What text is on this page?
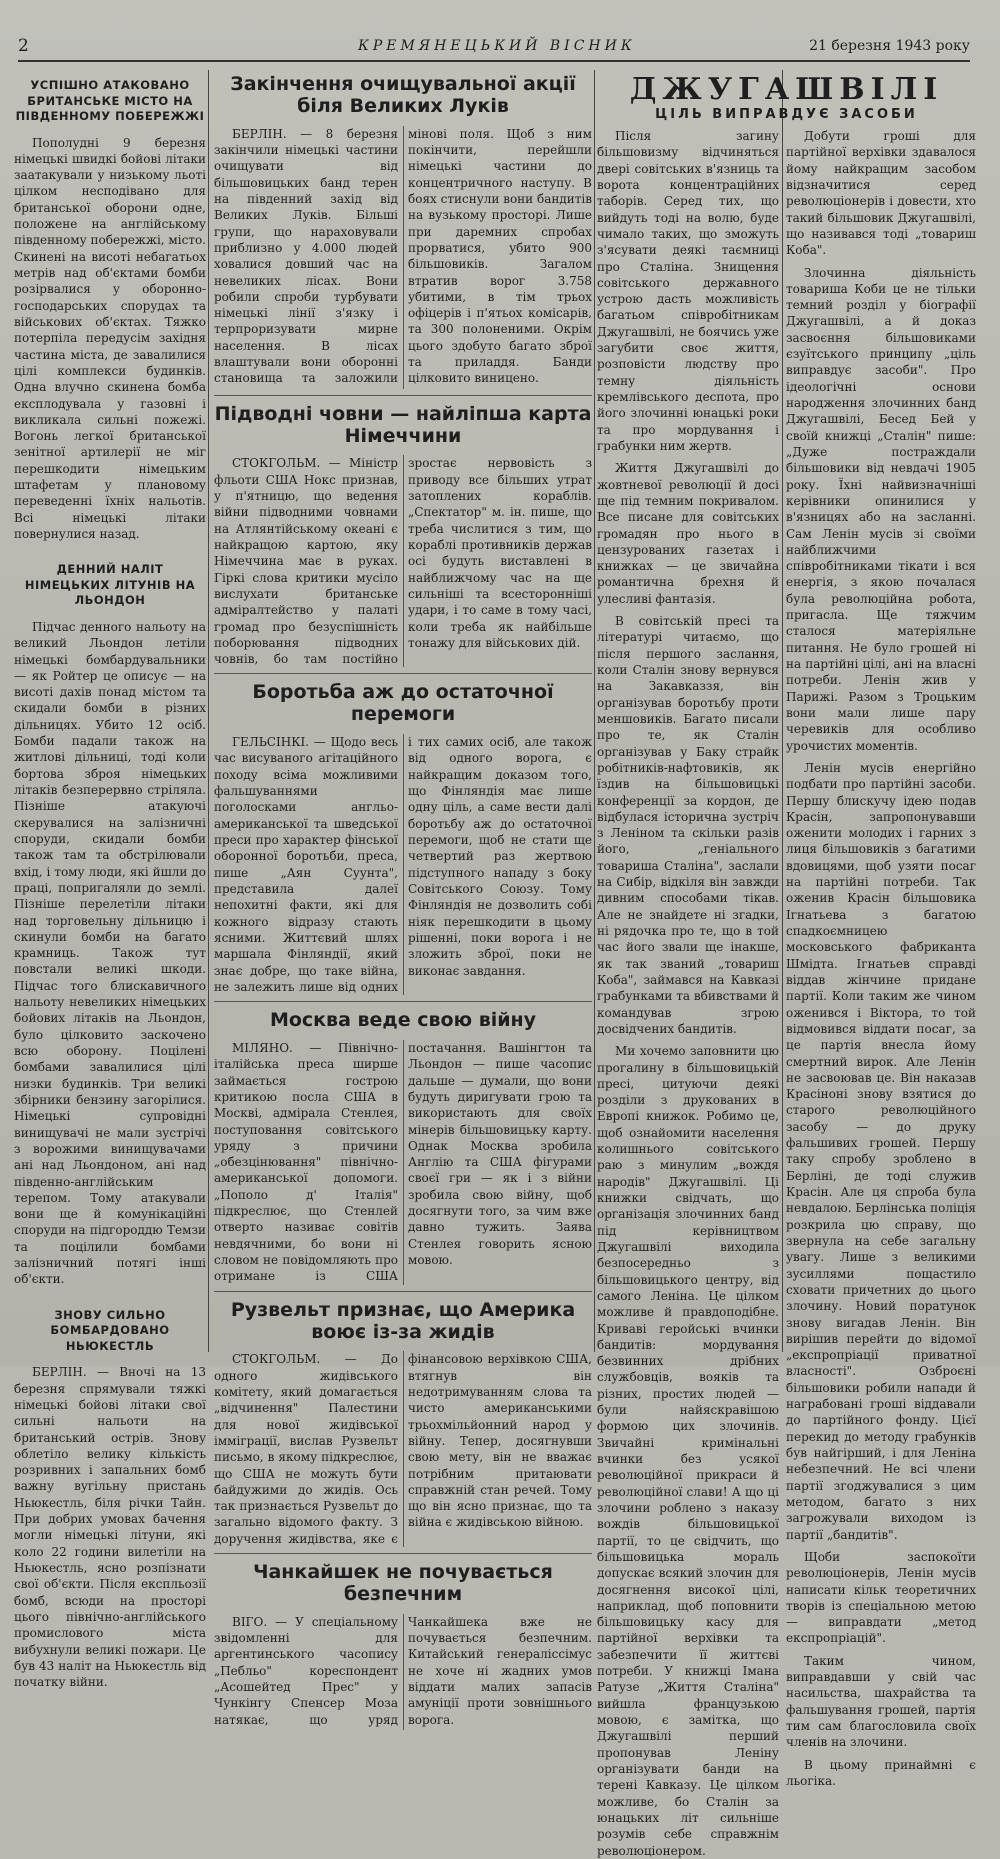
2	КРЕМЯНЕЦЬКИЙ ВІСНИК	21 березня 1943 року
УСПІШНО АТАКОВАНО БРИТАНСЬКЕ МІСТО НА ПІВДЕННОМУ ПОБЕРЕЖЖІ

Пополудні 9 березня німецькі швидкі бойові літаки заатакували у низькому льоті цілком несподівано для британської оборони одне, положене на англійському південному побережжі, місто. Скинені на висоті небагатьох метрів над об'єктами бомби розірвалися у оборонно-господарських спорудах та військових об'єктах. Тяжко потерпіла передусім західня частина міста, де завалилися цілі комплекси будинків. Одна влучно скинена бомба експлодувала у газовні і викликала сильні пожежі. Вогонь легкої британської зенітної артилерії не міг перешкодити німецьким штафетам у плановому переведенні їхніх нальотів. Всі німецькі літаки повернулися назад.

ДЕННИЙ НАЛІТ НІМЕЦЬКИХ ЛІТУНІВ НА ЛЬОНДОН

Підчас денного нальоту на великий Льондон летіли німецькі бомбардувальники — як Ройтер це описує — на висоті дахів понад містом та скидали бомби в різних дільницях. Убито 12 осіб. Бомби падали також на житлові дільниці, тоді коли бортова зброя німецьких літаків безперервно стріляла. Пізніше атакуючі скерувалися на залізничні споруди, скидали бомби також там та обстрілювали вхід, і тому люди, які йшли до праці, попригаляли до землі. Пізніше перелетіли літаки над торговельну дільницю і скинули бомби на багато крамниць. Також тут повстали великі шкоди. Підчас того блискавичного нальоту невеликих німецьких бойових літаків на Льондон, було цілковито заскочено всю оборону. Поцілені бомбами завалилися цілі низки будинків. Три великі збірники бензину загорілися. Німецькі супровідні винищувачі не мали зустрічі з ворожими винищувачами ані над Льондоном, ані над південно-англійським терепом. Тому атакували вони ще й комунікаційні споруди на підгороддю Темзи та поцілили бомбами залізничний потягі інші об'єкти.

ЗНОВУ СИЛЬНО БОМБАРДОВАНО НЬЮКЕСТЛЬ

БЕРЛІН. — Вночі на 13 березня спрямували тяжкі німецькі бойові літаки свої сильні нальоти на британський острів. Знову облетіло велику кількість розривних і запальних бомб важну вугільну пристань Ньюкестль, біля річки Тайн. При добрих умовах бачення могли німецькі літуни, які коло 22 години вилетіли на Ньюкестль, ясно розпізнати свої об'єкти. Після експльозії бомб, всюди на просторі цього північно-англійського промислового міста вибухнули великі пожари. Це був 43 наліт на Ньюкестль від початку війни.

Закінчення очищувальної акції біля Великих Луків

БЕРЛІН. — 8 березня закінчили німецькі частини очищувати від більшовицьких банд терен на південний захід від Великих Луків. Більші групи, що нараховували приблизно у 4.000 людей ховалися довший час на невеликих лісах. Вони робили спроби турбувати німецькі лінії з'язку і терпроризувати мирне населення. В лісах влаштували вони оборонні становища та заложили мінові поля. Щоб з ним покінчити, перейшли німецькі частини до концентричного наступу. В боях стиснули вони бандитів на вузькому просторі. Лише при даремних спробах прорватися, убито 900 більшовиків. Загалом втратив ворог 3.758 убитими, в тім трьох офіцерів і п'ятьох комісарів, та 300 полоненими. Окрім цього здобуто багато зброї та приладдя. Банди цілковито виницено.

Підводні човни — найліпша карта Німеччини

СТОКГОЛЬМ. — Міністр фльоти США Нокс признав, у п'ятницю, що ведення війни підводними човнами на Атлянтійському океані є найкращою картою, яку Німеччина має в руках. Гіркі слова критики мусіло вислухати британське адміралтейство у палаті громад про безуспішність поборювання підводних човнів, бо там постійно зростає нервовість з приводу все більших утрат затоплених кораблів. „Спектатор" м. ін. пише, що треба числитися з тим, що кораблі противників держав осі будуть виставлені в найближчому час на ще сильніші та всесторонніші удари, і то саме в тому часі, коли треба як найбільше тонажу для військових дій.

Боротьба аж до остаточної перемоги

ГЕЛЬСІНКІ. — Щодо весь час висуваного агітаційного походу всіма можливими фальшуваннями поголосками англьо-американської та шведської преси про характер фінської оборонної боротьби, преса, пише „Аян Суунта", представила далеї непохитні факти, які для кожного відразу стають ясними. Життєвий шлях маршала Фінляндії, який знає добре, що таке війна, не залежить лише від одних і тих самих осіб, але також від одного ворога, є найкращим доказом того, що Фінляндія має лише одну ціль, а саме вести далі боротьбу аж до остаточної перемоги, щоб не стати ще четвертий раз жертвою підступного нападу з боку Совітського Союзу. Тому Фінляндія не дозволить собі ніяк перешкодити в цьому рішенні, поки ворога і не зложить зброї, поки не виконає завдання.

Москва веде свою війну

МІЛЯНО. — Північно-італійська преса ширше займається гострою критикою посла США в Москві, адмірала Стенлея, поступовання совітського уряду з причини „обезцінювання" північно-американської допомоги. „Пополо д' Італія" підкреслює, що Стенлей отверто називає совітів невдячними, бо вони ні словом не повідомляють про отримане із США постачання. Вашінгтон та Льондон — пише часопис дальше — думали, що вони будуть диригувати грою та використають для своїх мінерів більшовицьку карту. Однак Москва зробила Англію та США фігурами своєї гри — як і з війни зробила свою війну, щоб досягнути того, за чим вже давно тужить. Заява Стенлея говорить ясною мовою.

Рузвельт признає, що Америка воює із-за жидів

СТОКГОЛЬМ. — До одного жидівського комітету, який домагається „відчинення" Палестини для нової жидівської імміграції, вислав Рузвельт письмо, в якому підкреслює, що США не можуть бути байдужими до жидів. Ось так признається Рузвельт до загально відомого факту. З доручення жидівства, яке є фінансовою верхівкою США, втягнув він недотримуванням слова та чисто американськими трьохмільйонний народ у війну. Тепер, досягнувши свою мету, він не вважає потрібним притаювати справжній стан речей. Тому що він ясно признає, що та війна є жидівською війною.

Чанкайшек не почувається безпечним

ВІГО. — У спеціальному звідомленні для аргентинського часопису „Пебльо" кореспондент „Асошейтед Прес" у Чункінгу Спенсер Моза натякає, що уряд Чанкайшека вже не почувається безпечним. Китайський генераліссімус не хоче ні жадних умов віддати малих запасів амуніції проти зовнішнього ворога.

ДЖУГАШВІЛІ
ЦІЛЬ ВИПРАВДУЄ ЗАСОБИ

Після загину більшовизму відчиняться двері совітських в'язниць та ворота концентраційних таборів. Серед тих, що вийдуть тоді на волю, буде чимало таких, що зможуть з'ясувати деякі таємниці про Сталіна. Знищення совітського державного устрою дасть можливість багатьом співробітникам Джугашвілі, не боячись уже загубити своє життя, розповісти людству про темну діяльність кремлівського деспота, про його злочинні юнацькі роки та про мордування і грабунки ним жертв.

Життя Джугашвілі до жовтневої революції й досі ще під темним покривалом. Все писане для совітських громадян про нього в цензурованих газетах і книжках — це звичайна романтична брехня й улесливі фантазія.

В совітській пресі та літературі читаємо, що після першого заслання, коли Сталін знову вернувся на Закавказзя, він організував боротьбу проти меншовиків. Багато писали про те, як Сталін організував у Баку страйк робітників-нафтовиків, як їздив на більшовицькі конференції за кордон, де відбулася історична зустріч з Леніном та скільки разів його, „геніального товариша Сталіна", заслали на Сибір, відкіля він завжди дивним способами тікав. Але не знайдете ні згадки, ні рядочка про те, що в той час його звали ще інакше, як так званий „товариш Коба", займався на Кавказі грабунками та вбивствами й командував згрою досвідчених бандитів.

Ми хочемо заповнити цю прогалину в більшовицькій пресі, цитуючи деякі розділи з друкованих в Европі книжок. Робимо це, щоб ознайомити населення колишнього совітського раю з минулим „вождя народів" Джугашвілі. Ці книжки свідчать, що організація злочинних банд під керівництвом Джугашвілі виходила безпосередньо з більшовицького центру, від самого Леніна. Це цілком можливе й правдоподібне. Криваві геройські вчинки бандитів: мордування безвинних дрібних службовців, вояків та різних, простих людей — були найяскравішою формою цих злочинів. Звичайні кримінальні вчинки без усякої революційної прикраси й революційної слави! А що ці злочини роблено з наказу вождів більшовицької партії, то це свідчить, що більшовицька мораль допускає всякий злочин для досягнення високої цілі, наприклад, щоб поповнити більшовицьку касу для партійної верхівки та забезпечити її життєві потреби. У книжці Імана Ратузе „Життя Сталіна" вийшла французькою мовою, є замітка, що Джугашвілі перший пропонував Леніну організувати банди на терені Кавказу. Це цілком можливе, бо Сталін за юнацьких літ сильніше розумів себе справжнім революціонером.

Добути гроші для партійної верхівки здавалося йому найкращим засобом відзначитися серед революціонерів і довести, хто такий більшовик Джугашвілі, що називався тоді „товариш Коба".

Злочинна діяльність товариша Коби це не тільки темний розділ у біографії Джугашвілі, а й доказ засвоєння більшовиками єзуїтського принципу „ціль виправдує засоби". Про ідеологічні основи народження злочинних банд Джугашвілі, Бесед Бей у своїй книжці „Сталін" пише: „Дуже постраждали більшовики від невдачі 1905 року. Їхні найвизначніші керівники опинилися у в'язницях або на засланні. Сам Ленін мусів зі своїми найближчими співробітниками тікати і вся енергія, з якою почалася була революційна робота, пригасла. Ще тяжчим сталося матеріяльне питання. Не було грошей ні на партійні цілі, ані на власні потреби. Ленін жив у Парижі. Разом з Троцьким вони мали лише пару черевиків для особливо урочистих моментів.

Ленін мусів енергійно подбати про партійні засоби. Першу блискучу ідею подав Красін, запропонувавши оженити молодих і гарних з лиця більшовиків з багатими вдовицями, щоб узяти посаг на партійні потреби. Так оженив Красін більшовика Ігнатьева з багатою спадкоємницею московського фабриканта Шмідта. Ігнатьев справді віддав жінчине придане партії. Коли таким же чином оженився і Віктора, то той відмовився віддати посаг, за це партія внесла йому смертний вирок. Але Ленін не засвоював це. Він наказав Красіноні знову взятися до старого революційного засобу — до друку фальшивих грошей. Першу таку спробу зроблено в Берліні, де тоді служив Красін. Але ця спроба була невдалою. Берлінська поліція розкрила цю справу, що звернула на себе загальну увагу. Лише з великими зусиллями пощастило сховати причетних до цього злочину. Новий поратунок знову вигадав Ленін. Він вирішив перейти до відомої „експропріації приватної власності". Озброєні більшовики робили напади й награбовані гроші віддавали до партійного фонду. Цієї перекид до методу грабунків був найгірший, і для Леніна небезпечний. Не всі члени партії згоджувалися з цим методом, багато з них загрожували виходом із партії „бандитів".

Щоби заспокоїти революціонерів, Ленін мусів написати кільк теоретичних творів із спеціальною метою — виправдати „метод експропріацій".

Таким чином, виправдавши у свій час насильства, шахрайства та фальшування грошей, партія тим сам благословила своїх членів на злочини.

В цьому принаймні є льогіка.
